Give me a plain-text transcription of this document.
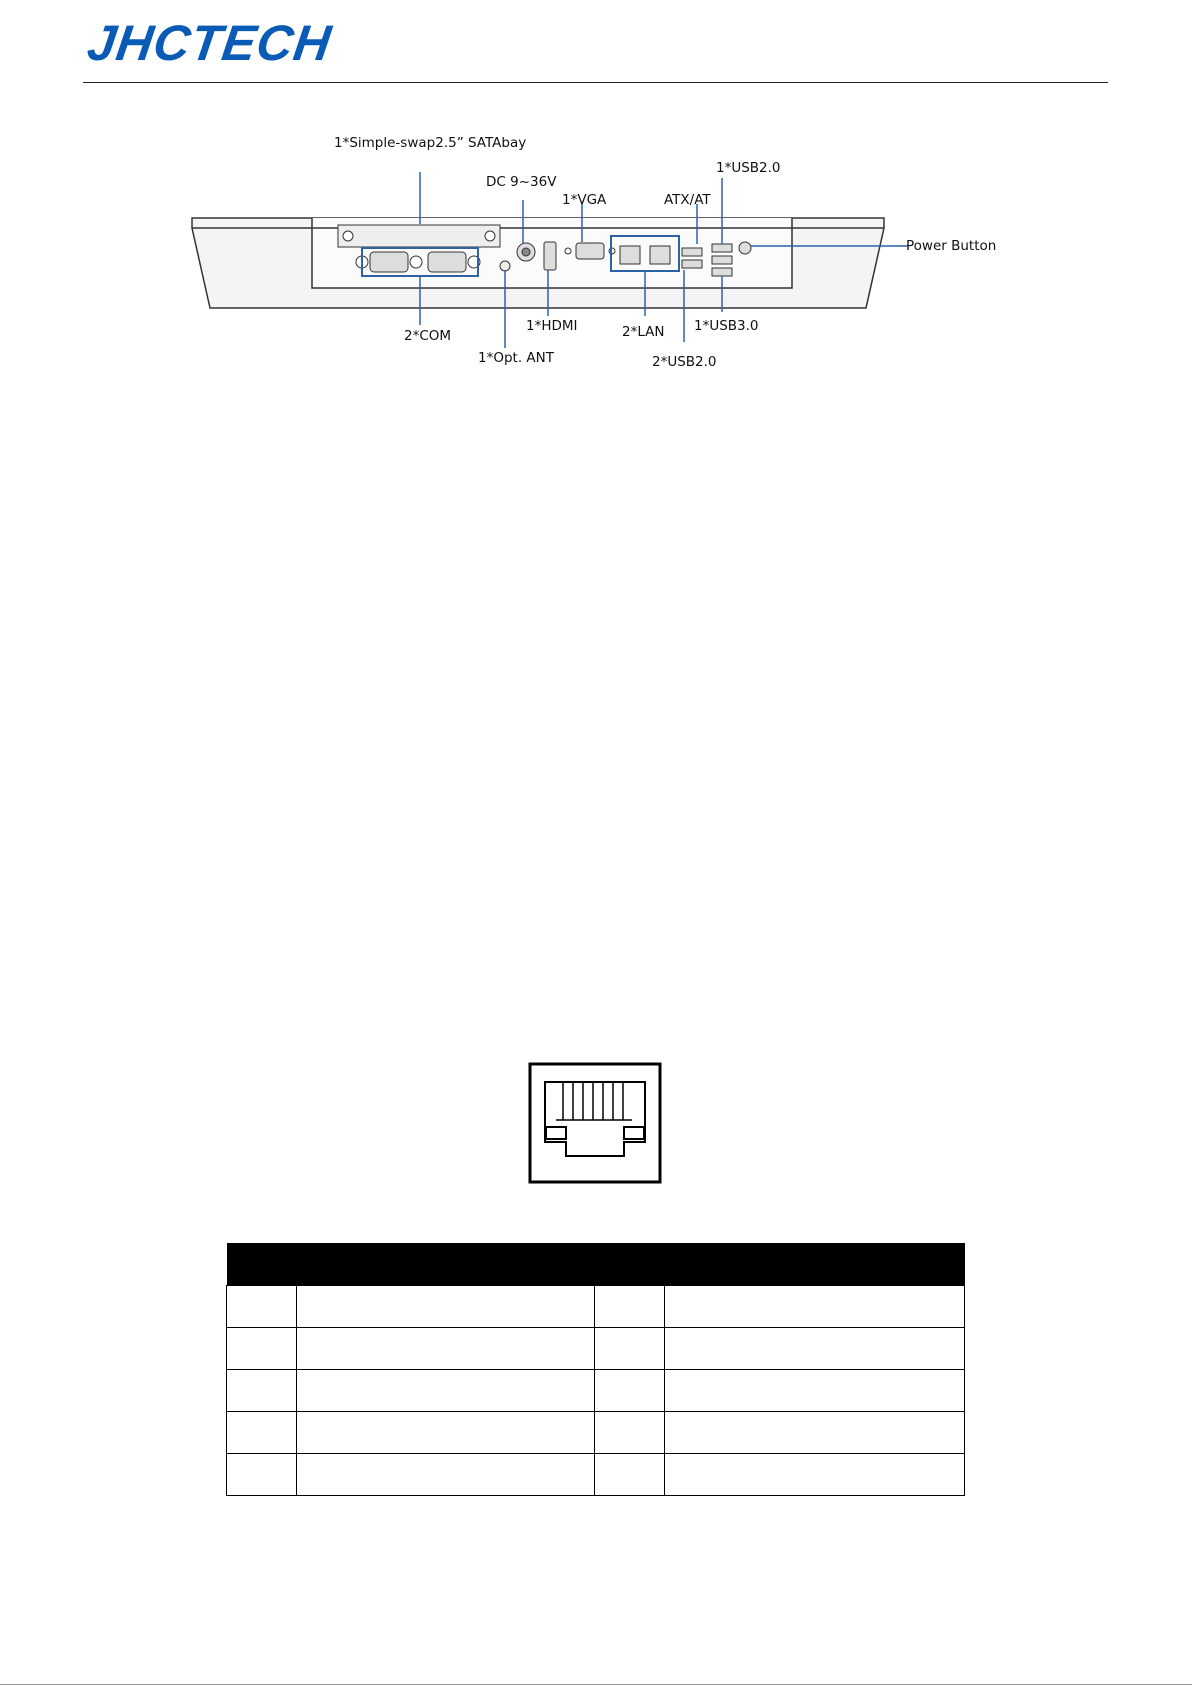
JHCTECH
1*Simple-swap2.5” SATAbay
DC 9~36V
1*VGA	ATX/AT
1*USB2.0
Power Button
2*COM
1*Opt. ANT
1*HDMI	2*LAN 1*USB3.0
2*USB2.0
